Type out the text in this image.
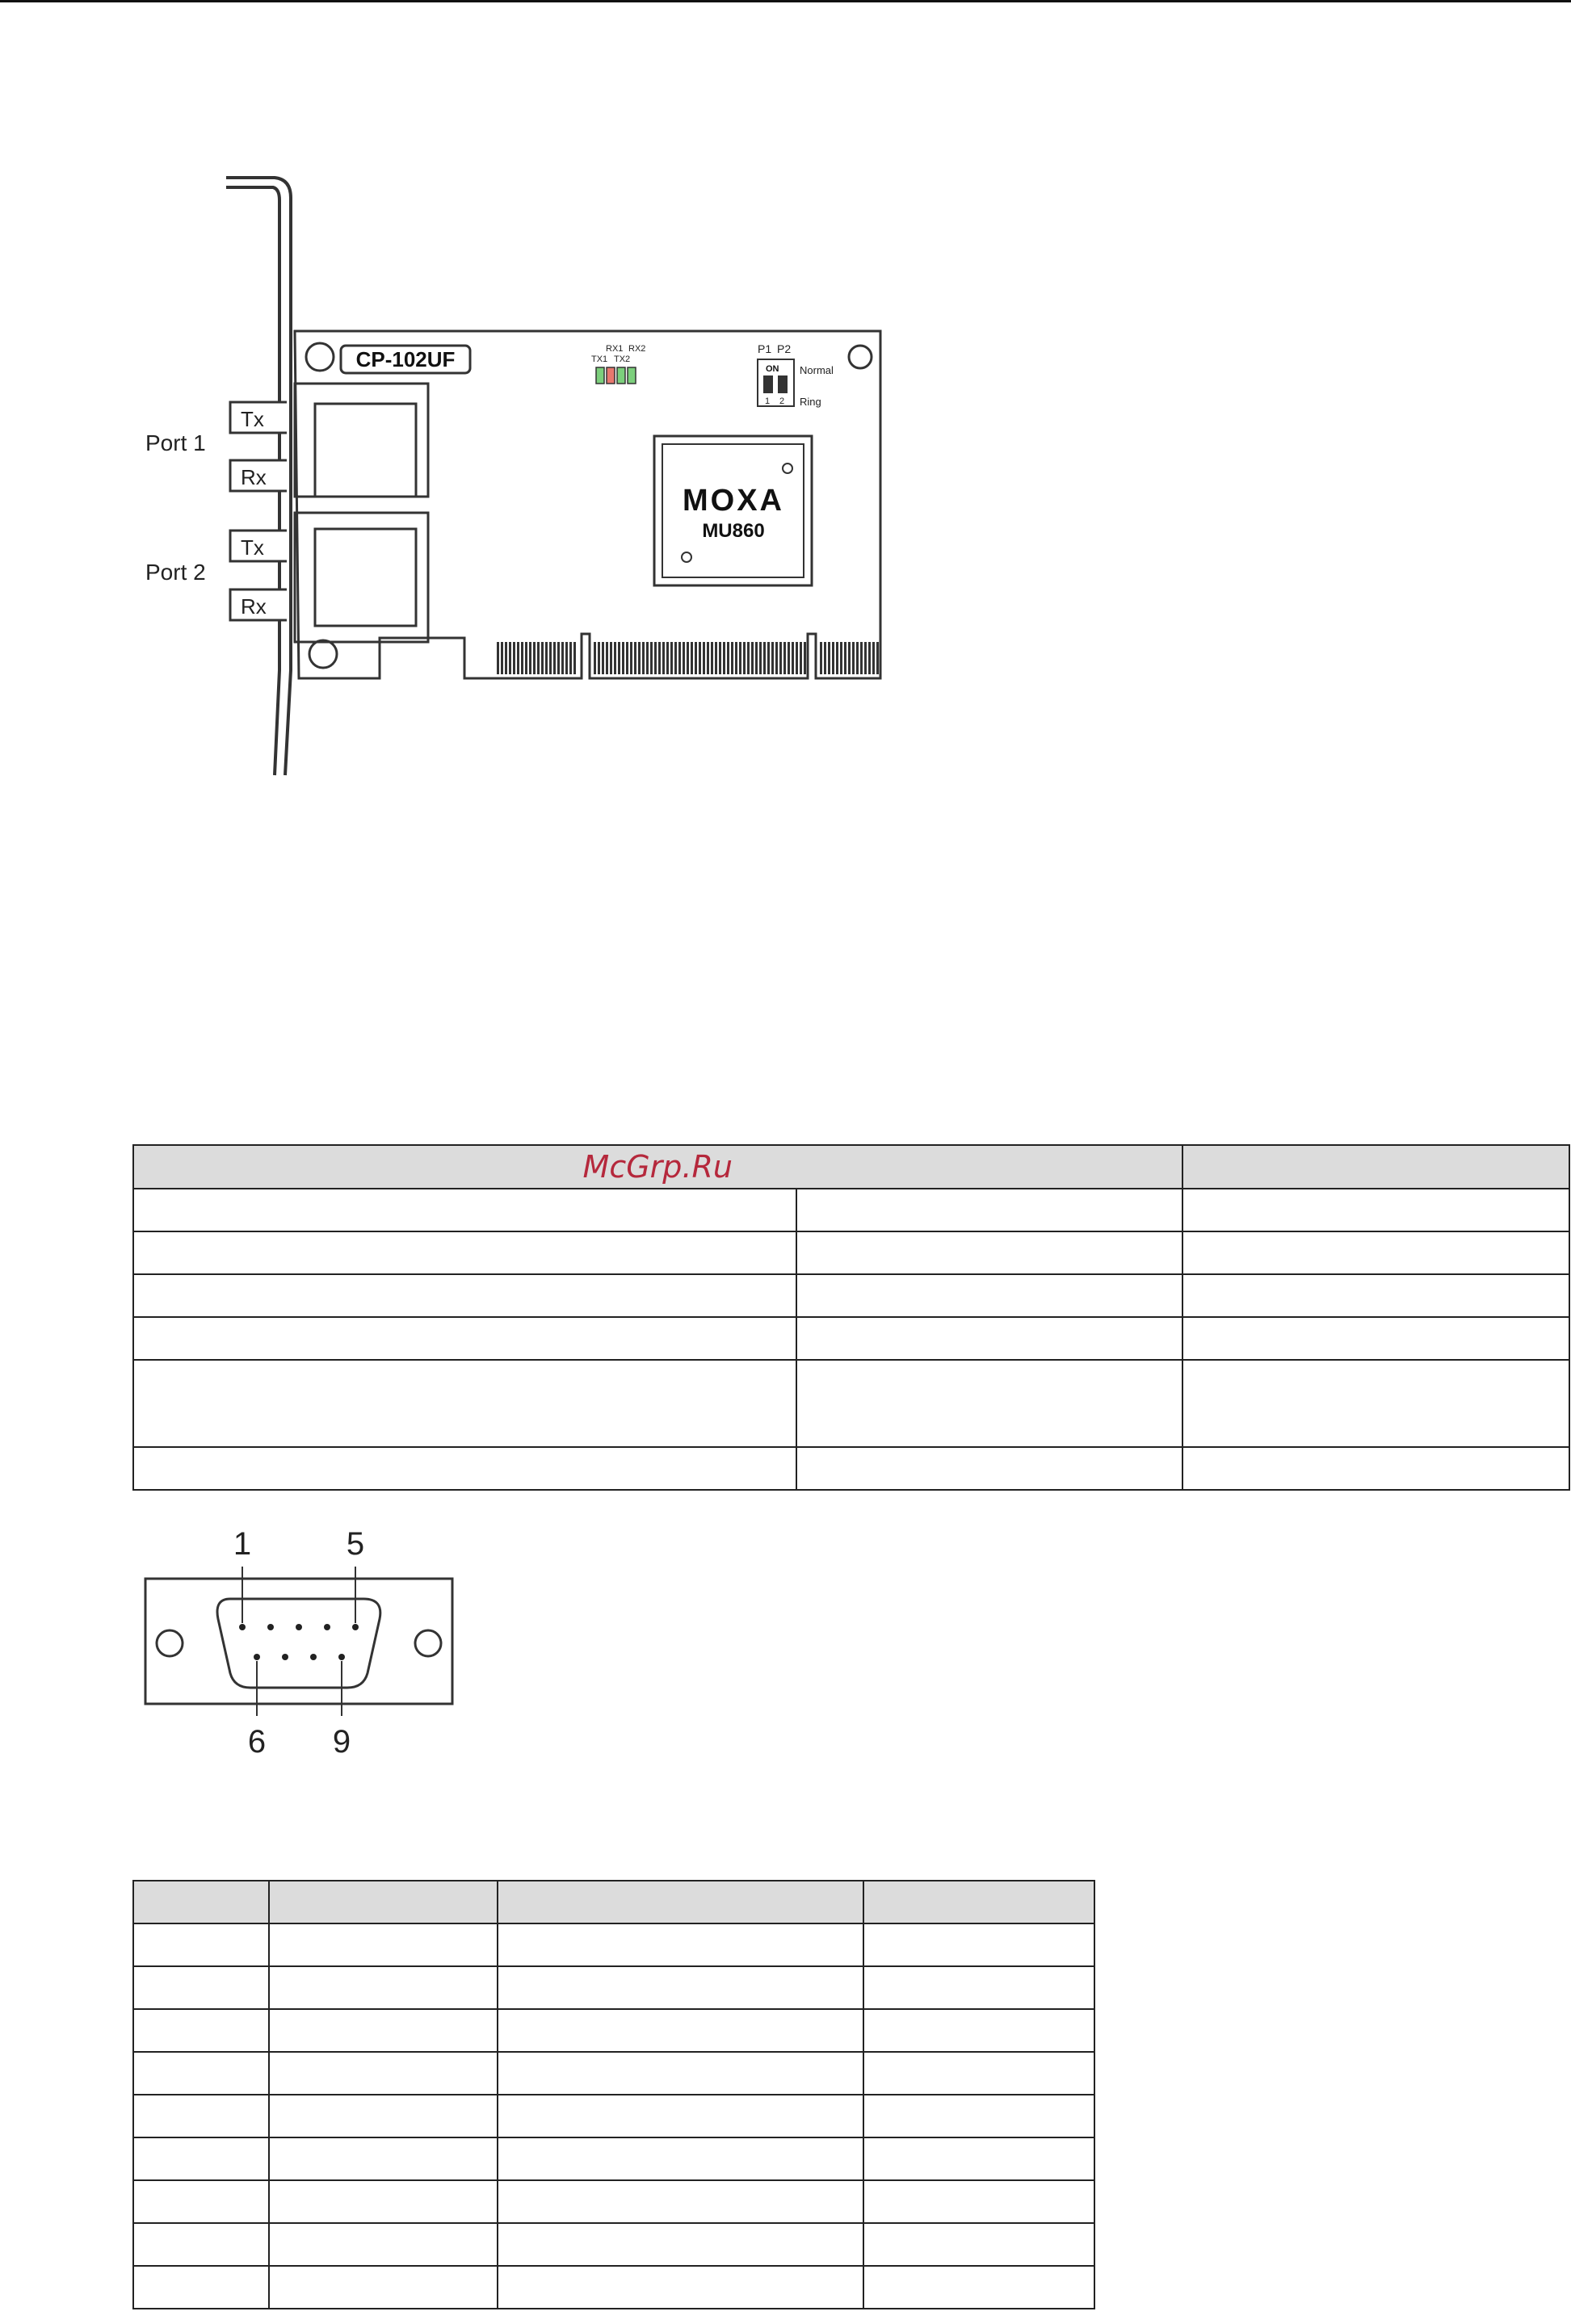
CP-102UF
Tx
Rx
Tx
Rx
Port 1
Port 2
RX1 RX2
TX1 TX2
P1 P2
ON
1 2
Normal
Ring
MOXA
MU860
McGrp.Ru		

1	5
6 9
